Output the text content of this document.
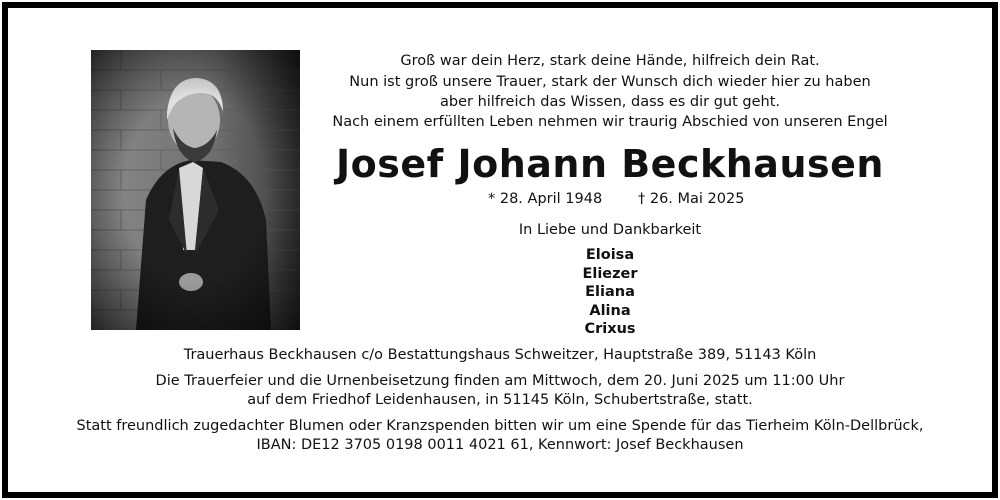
Groß war dein Herz, stark deine Hände, hilfreich dein Rat.
Nun ist groß unsere Trauer, stark der Wunsch dich wieder hier zu haben
aber hilfreich das Wissen, dass es dir gut geht.
Nach einem erfüllten Leben nehmen wir traurig Abschied von unseren Engel
Josef Johann Beckhausen
* 28. April 1948 † 26. Mai 2025
In Liebe und Dankbarkeit
Eloisa
Eliezer
Eliana
Alina
Crixus
Trauerhaus Beckhausen c/o Bestattungshaus Schweitzer, Hauptstraße 389, 51143 Köln
Die Trauerfeier und die Urnenbeisetzung finden am Mittwoch, dem 20. Juni 2025 um 11:00 Uhr
auf dem Friedhof Leidenhausen, in 51145 Köln, Schubertstraße, statt.
Statt freundlich zugedachter Blumen oder Kranzspenden bitten wir um eine Spende für das Tierheim Köln-Dellbrück,
IBAN: DE12 3705 0198 0011 4021 61, Kennwort: Josef Beckhausen
